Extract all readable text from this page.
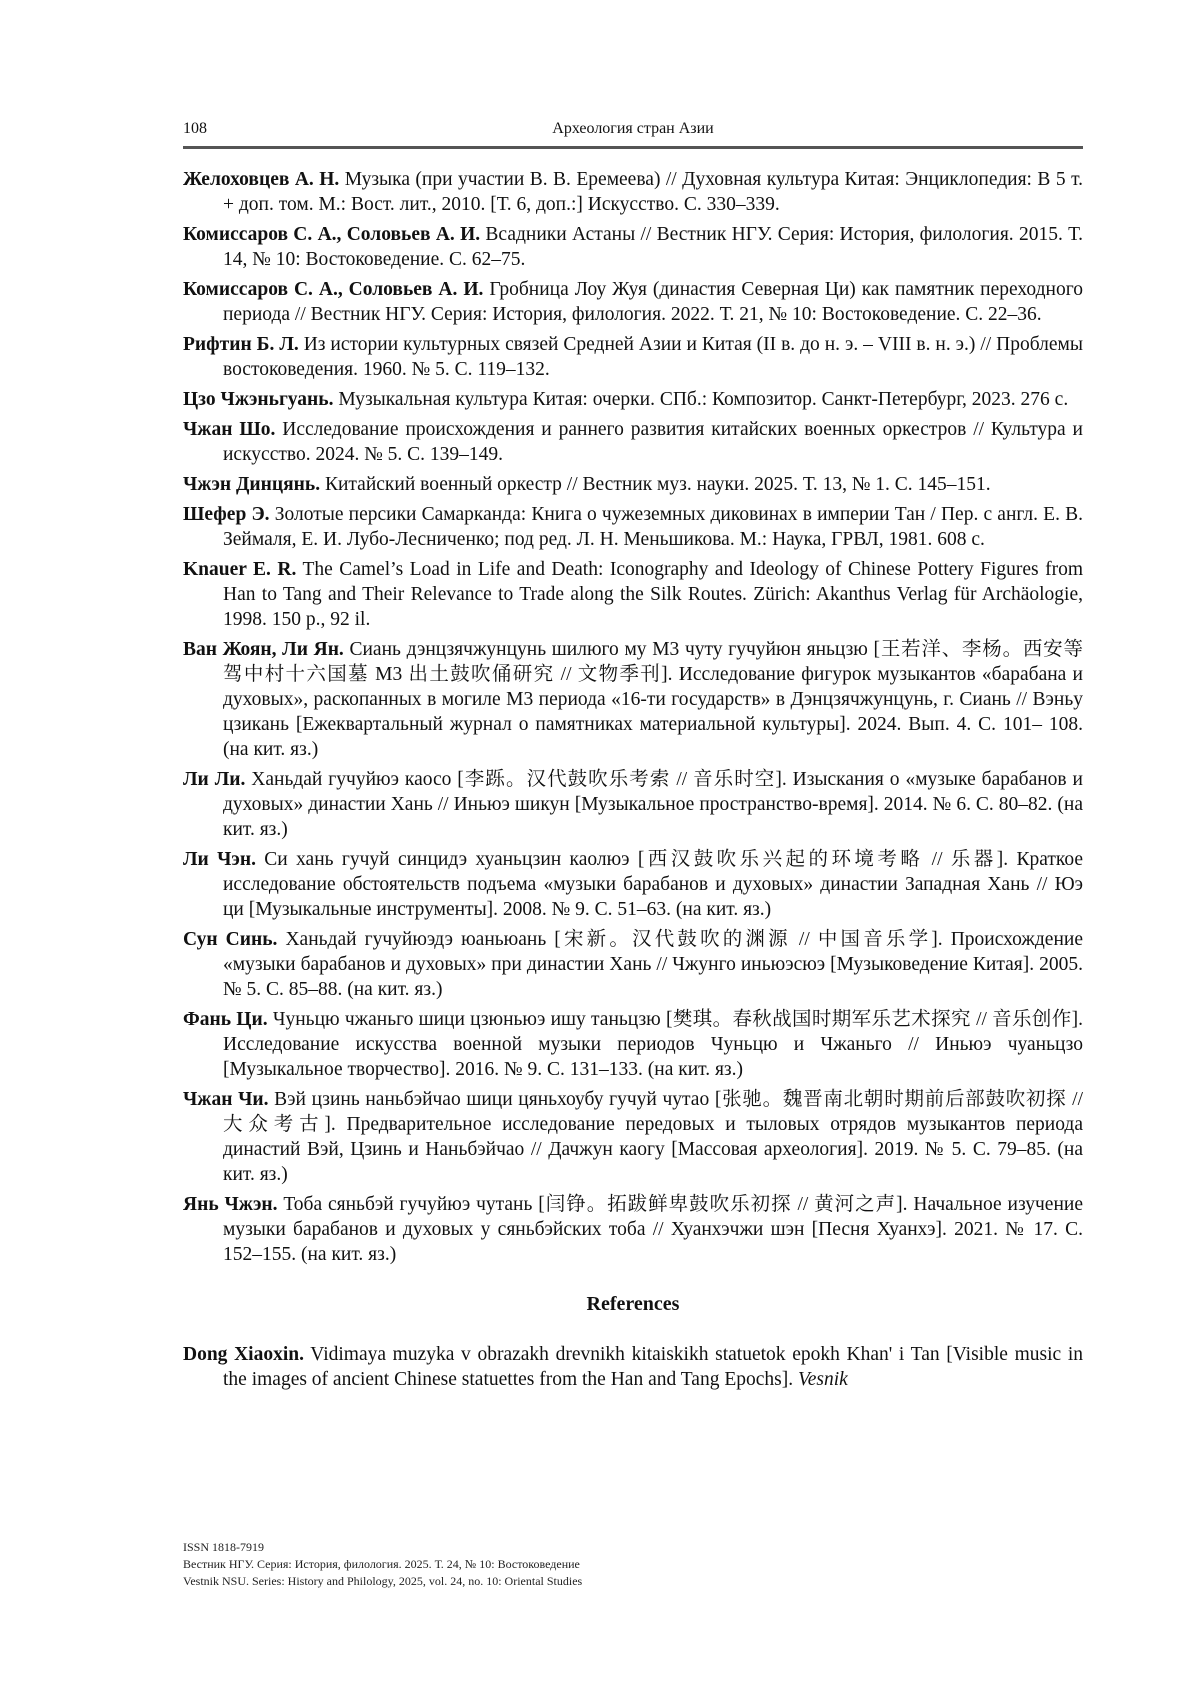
108	Археология стран Азии

Желоховцев А. Н. Музыка (при участии В. В. Еремеева) // Духовная культура Китая: Энциклопедия: В 5 т. + доп. том. М.: Вост. лит., 2010. [Т. 6, доп.:] Искусство. С. 330–339.

Комиссаров С. А., Соловьев А. И. Всадники Астаны // Вестник НГУ. Серия: История, филология. 2015. Т. 14, № 10: Востоковедение. С. 62–75.

Комиссаров С. А., Соловьев А. И. Гробница Лоу Жуя (династия Северная Ци) как памятник переходного периода // Вестник НГУ. Серия: История, филология. 2022. Т. 21, № 10: Востоковедение. С. 22–36.

Рифтин Б. Л. Из истории культурных связей Средней Азии и Китая (II в. до н. э. – VIII в. н. э.) // Проблемы востоковедения. 1960. № 5. С. 119–132.

Цзо Чжэньгуань. Музыкальная культура Китая: очерки. СПб.: Композитор. Санкт-Петербург, 2023. 276 с.

Чжан Шо. Исследование происхождения и раннего развития китайских военных оркестров // Культура и искусство. 2024. № 5. С. 139–149.

Чжэн Динцянь. Китайский военный оркестр // Вестник муз. науки. 2025. Т. 13, № 1. С. 145–151.

Шефер Э. Золотые персики Самарканда: Книга о чужеземных диковинах в империи Тан / Пер. с англ. Е. В. Зеймаля, Е. И. Лубо-Лесниченко; под ред. Л. Н. Меньшикова. М.: Наука, ГРВЛ, 1981. 608 с.

Knauer E. R. The Camel’s Load in Life and Death: Iconography and Ideology of Chinese Pottery Figures from Han to Tang and Their Relevance to Trade along the Silk Routes. Zürich: Akanthus Verlag für Archäologie, 1998. 150 p., 92 il.

Ван Жоян, Ли Ян. Сиань дэнцзячжунцунь шилюго му М3 чуту гучуйюн яньцзю [王若洋、李杨。西安等驾中村十六国墓 М3 出土鼓吹俑研究 // 文物季刊]. Исследование фигурок музыкантов «барабана и духовых», раскопанных в могиле М3 периода «16-ти государств» в Дэнцзячжунцунь, г. Сиань // Вэньу цзикань [Ежеквартальный журнал о памятниках материальной культуры]. 2024. Вып. 4. С. 101– 108. (на кит. яз.)

Ли Ли. Ханьдай гучуйюэ каосо [李跞。汉代鼓吹乐考索 // 音乐时空]. Изыскания о «музыке барабанов и духовых» династии Хань // Иньюэ шикун [Музыкальное пространство-время]. 2014. № 6. С. 80–82. (на кит. яз.)

Ли Чэн. Си хань гучуй синцидэ хуаньцзин каолюэ [西汉鼓吹乐兴起的环境考略 // 乐器]. Краткое исследование обстоятельств подъема «музыки барабанов и духовых» династии Западная Хань // Юэ ци [Музыкальные инструменты]. 2008. № 9. С. 51–63. (на кит. яз.)

Сун Синь. Ханьдай гучуйюэдэ юаньюань [宋新。汉代鼓吹的渊源 // 中国音乐学]. Происхождение «музыки барабанов и духовых» при династии Хань // Чжунго иньюэсюэ [Музыковедение Китая]. 2005. № 5. С. 85–88. (на кит. яз.)

Фань Ци. Чуньцю чжаньго шици цзюньюэ ишу таньцзю [樊琪。春秋战国时期军乐艺术探究 // 音乐创作]. Исследование искусства военной музыки периодов Чуньцю и Чжаньго // Иньюэ чуаньцзо [Музыкальное творчество]. 2016. № 9. С. 131–133. (на кит. яз.)

Чжан Чи. Вэй цзинь наньбэйчао шици цяньхоубу гучуй чутао [张驰。魏晋南北朝时期前后部鼓吹初探 // 大众考古]. Предварительное исследование передовых и тыловых отрядов музыкантов периода династий Вэй, Цзинь и Наньбэйчао // Дачжун каогу [Массовая археология]. 2019. № 5. С. 79–85. (на кит. яз.)

Янь Чжэн. Тоба сяньбэй гучуйюэ чутань [闫铮。拓跋鲜卑鼓吹乐初探 // 黄河之声]. Начальное изучение музыки барабанов и духовых у сяньбэйских тоба // Хуанхэчжи шэн [Песня Хуанхэ]. 2021. № 17. С. 152–155. (на кит. яз.)

References

Dong Xiaoxin. Vidimaya muzyka v obrazakh drevnikh kitaiskikh statuetok epokh Khan' i Tan [Visible music in the images of ancient Chinese statuettes from the Han and Tang Epochs]. Vesnik

ISSN 1818-7919
Вестник НГУ. Серия: История, филология. 2025. Т. 24, № 10: Востоковедение
Vestnik NSU. Series: History and Philology, 2025, vol. 24, no. 10: Oriental Studies
